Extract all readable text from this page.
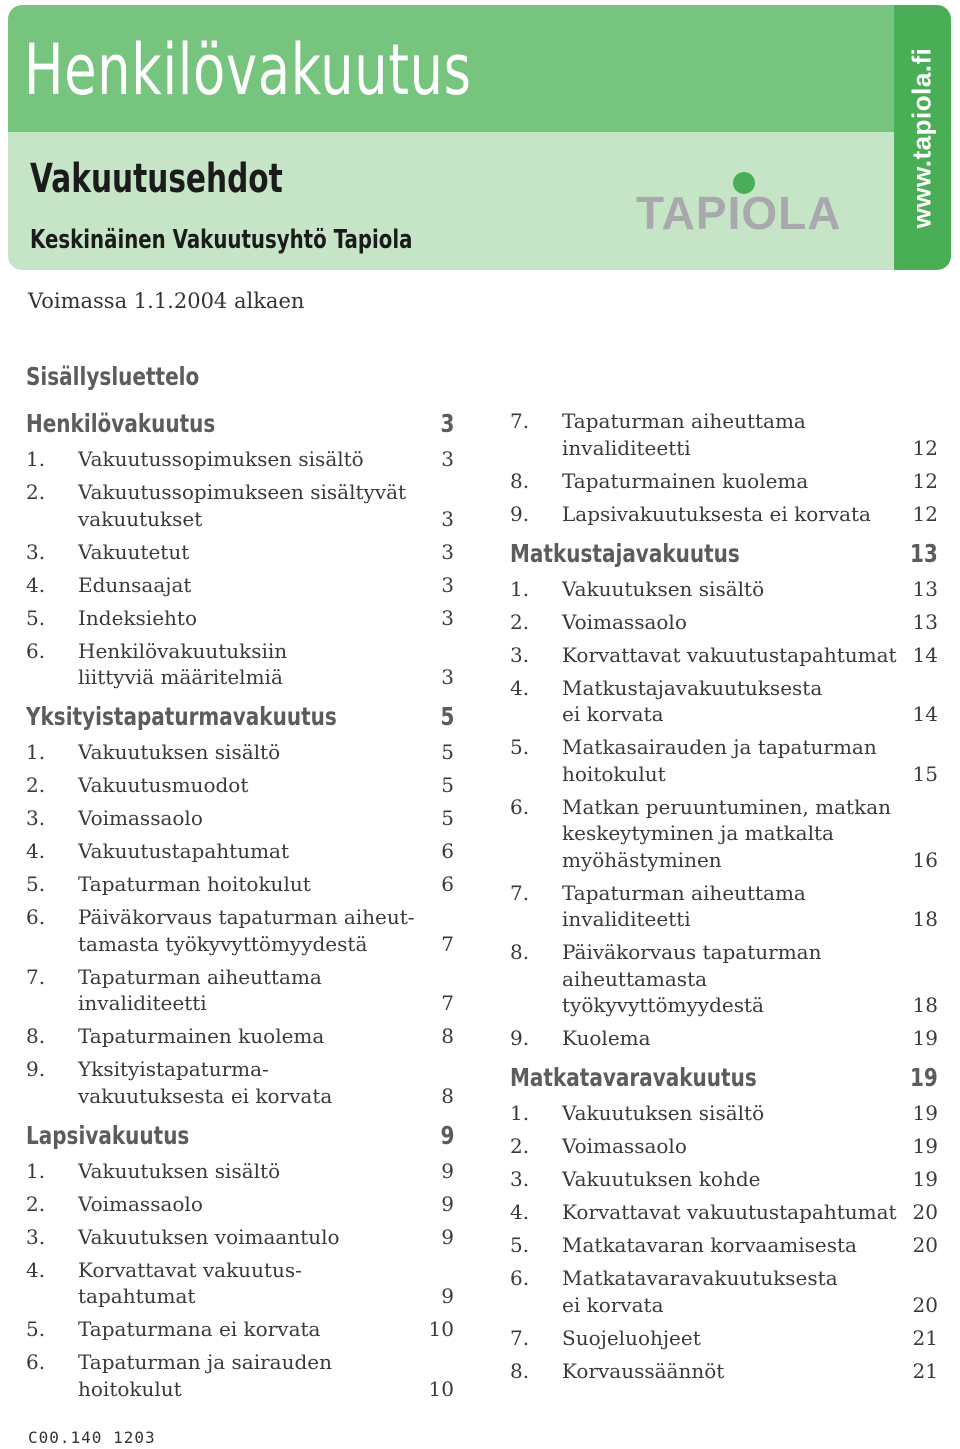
www.tapiola.fi
Henkilövakuutus
Vakuutusehdot
Keskinäinen Vakuutusyhtö Tapiola
TAPIOLA
Voimassa 1.1.2004 alkaen
Sisällysluettelo
Henkilövakuutus	3
1. Vakuutussopimuksen sisältö	3
2. Vakuutussopimukseen sisältyvät
vakuutukset	3
3. Vakuutetut	3
4. Edunsaajat	3
5. Indeksiehto	3
6. Henkilövakuutuksiin
liittyviä määritelmiä	3
Yksityistapaturmavakuutus	5
1. Vakuutuksen sisältö	5
2. Vakuutusmuodot	5
3. Voimassaolo	5
4. Vakuutustapahtumat	6
5. Tapaturman hoitokulut	6
6. Päiväkorvaus tapaturman aiheut-
tamasta työkyvyttömyydestä	7
7. Tapaturman aiheuttama invaliditeetti	7
8. Tapaturmainen kuolema	8
9. Yksityistapaturma-
vakuutuksesta ei korvata	8
Lapsivakuutus	9
1. Vakuutuksen sisältö	9
2. Voimassaolo	9
3. Vakuutuksen voimaantulo	9
4. Korvattavat vakuutus-
tapahtumat	9
5. Tapaturmana ei korvata	10
6. Tapaturman ja sairauden
hoitokulut	10
7. Tapaturman aiheuttama
invaliditeetti	12
8. Tapaturmainen kuolema	12
9. Lapsivakuutuksesta ei korvata	12
Matkustajavakuutus	13
1. Vakuutuksen sisältö	13
2. Voimassaolo	13
3. Korvattavat vakuutustapahtumat 14
4. Matkustajavakuutuksesta
ei korvata	14
5. Matkasairauden ja tapaturman
hoitokulut	15
6. Matkan peruuntuminen, matkan
keskeytyminen ja matkalta
myöhästyminen	16
7. Tapaturman aiheuttama
invaliditeetti	18
8. Päiväkorvaus tapaturman
aiheuttamasta työkyvyttömyydestä	18
9. Kuolema	19
Matkatavaravakuutus	19
1. Vakuutuksen sisältö	19
2. Voimassaolo	19
3. Vakuutuksen kohde	19
4. Korvattavat vakuutustapahtumat 20
5. Matkatavaran korvaamisesta	20
6. Matkatavaravakuutuksesta
ei korvata	20
7. Suojeluohjeet	21
8. Korvaussäännöt	21
C00.140 1203
